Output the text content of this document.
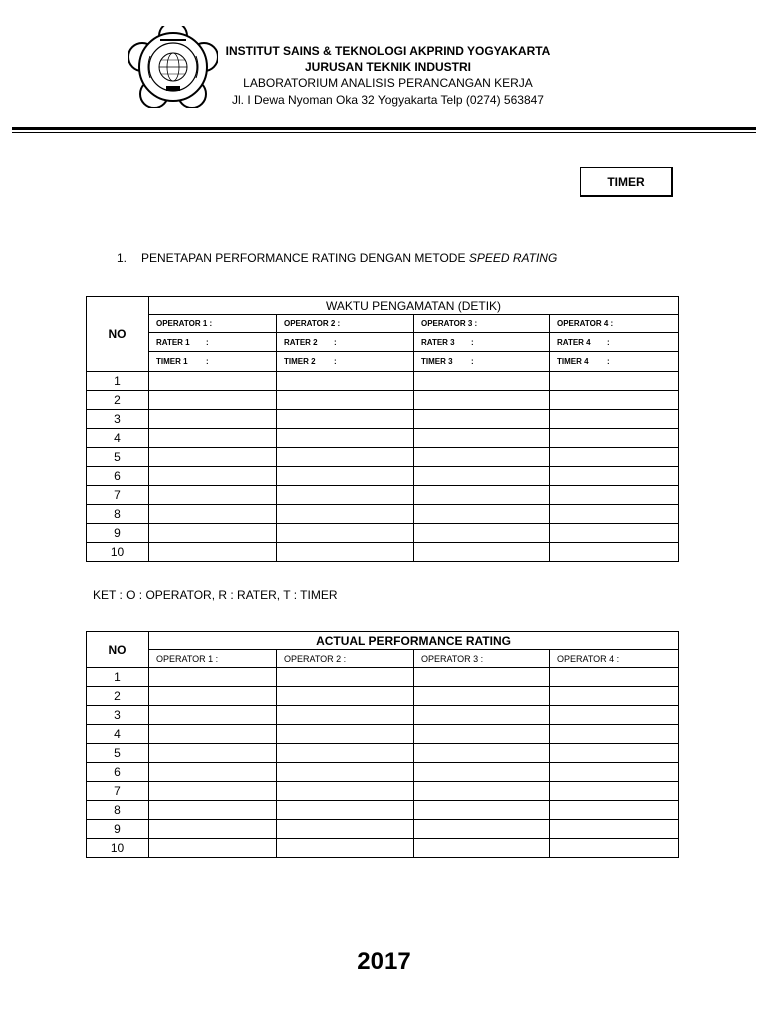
INSTITUT SAINS & TEKNOLOGI AKPRIND YOGYAKARTA
JURUSAN TEKNIK INDUSTRI
LABORATORIUM ANALISIS PERANCANGAN KERJA
Jl. I Dewa Nyoman Oka 32 Yogyakarta Telp (0274) 563847
TIMER
1. PENETAPAN PERFORMANCE RATING DENGAN METODE SPEED RATING
NO	WAKTU PENGAMATAN (DETIK)			
	OPERATOR 1 :	OPERATOR 2 :	OPERATOR 3 :	OPERATOR 4 :
	RATER 1 :	RATER 2 :	RATER 3 :	RATER 4 :
	TIMER 1 :	TIMER 2 :	TIMER 3 :	TIMER 4 :
1				
2				
3				
4				
5				
6				
7				
8				
9				
10				
KET : O : OPERATOR, R : RATER, T : TIMER
NO	ACTUAL PERFORMANCE RATING			
	OPERATOR 1 :	OPERATOR 2 :	OPERATOR 3 :	OPERATOR 4 :
1				
2				
3				
4				
5				
6				
7				
8				
9				
10				
2017
